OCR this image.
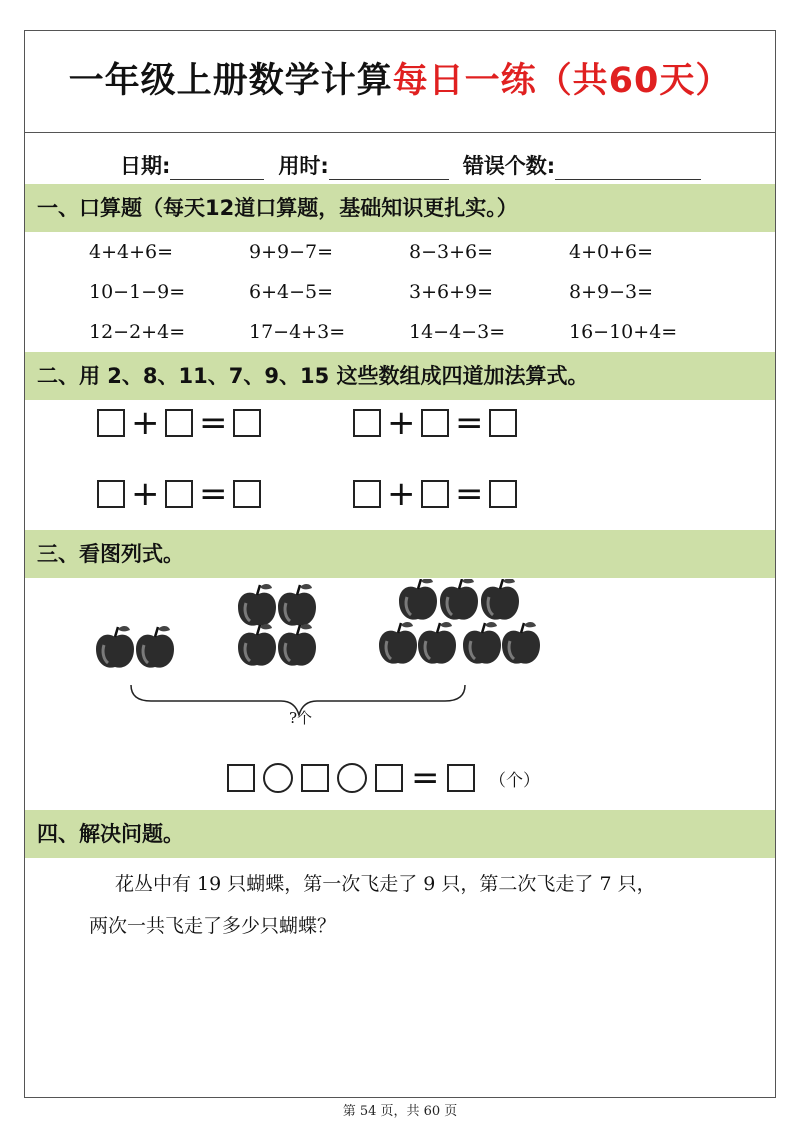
一年级上册数学计算每日一练（共60天）
日期:	用时:	错误个数:
一、口算题（每天12道口算题，基础知识更扎实。）
4+4+6=	9+9−7=	8−3+6=	4+0+6=
10−1−9=	6+4−5=	3+6+9=	8+9−3=
12−2+4=	17−4+3=	14−4−3=	16−10+4=
二、用 2、8、11、7、9、15 这些数组成四道加法算式。
+ =	+ =
+ =	+ =
三、看图列式。
?个
=	（个）
四、解决问题。
花丛中有 19 只蝴蝶，第一次飞走了 9 只，第二次飞走了 7 只，
两次一共飞走了多少只蝴蝶？
第 54 页，共 60 页
